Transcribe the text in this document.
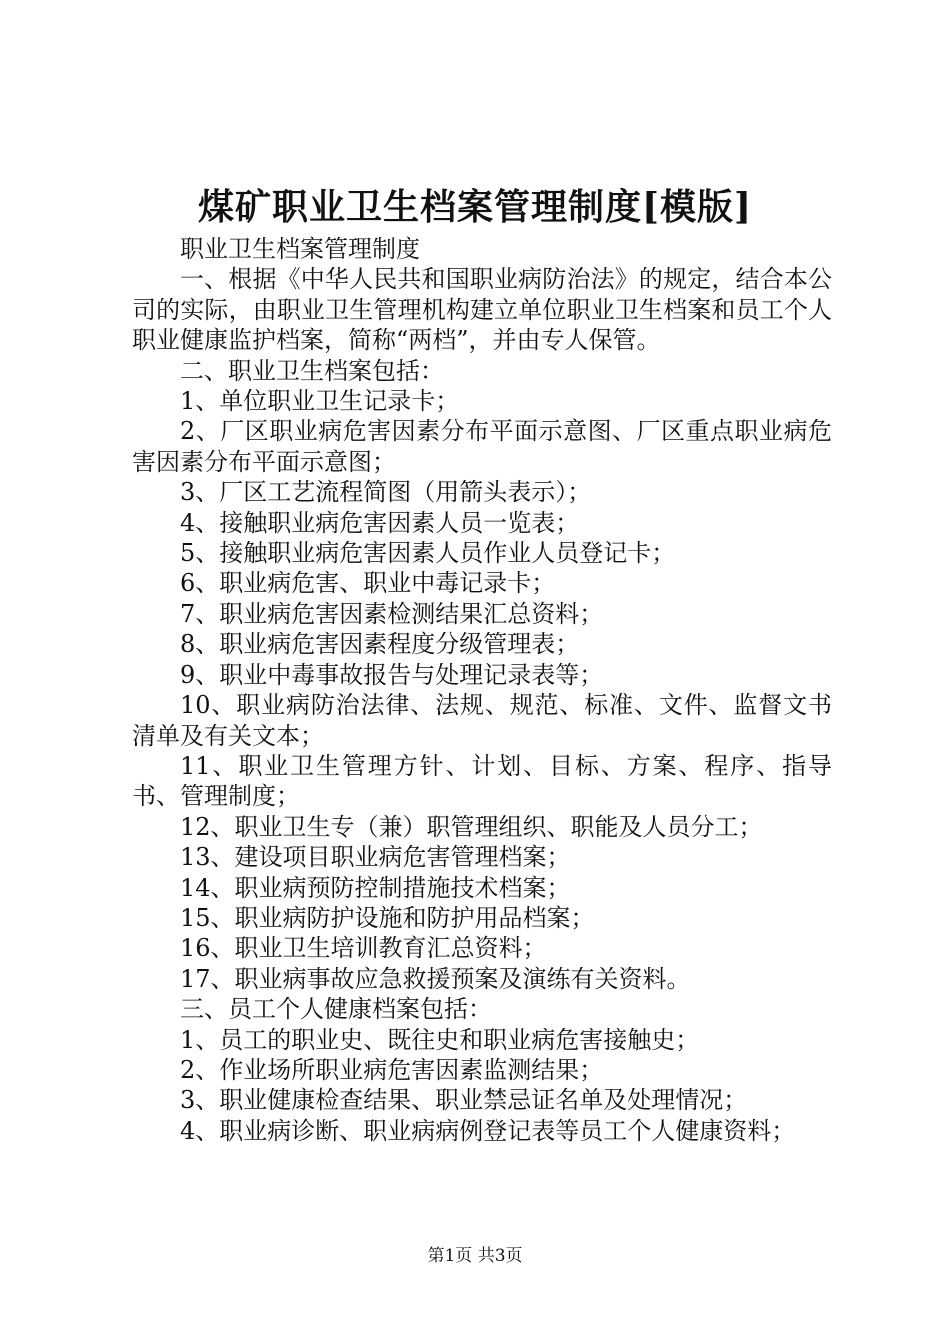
煤矿职业卫生档案管理制度[模版]

职业卫生档案管理制度

一、根据《中华人民共和国职业病防治法》的规定，结合本公司的实际，由职业卫生管理机构建立单位职业卫生档案和员工个人职业健康监护档案，简称“两档”，并由专人保管。

二、职业卫生档案包括：

1、单位职业卫生记录卡；

2、厂区职业病危害因素分布平面示意图、厂区重点职业病危害因素分布平面示意图；

3、厂区工艺流程简图（用箭头表示）；

4、接触职业病危害因素人员一览表；

5、接触职业病危害因素人员作业人员登记卡；

6、职业病危害、职业中毒记录卡；

7、职业病危害因素检测结果汇总资料；

8、职业病危害因素程度分级管理表；

9、职业中毒事故报告与处理记录表等；

10、职业病防治法律、法规、规范、标准、文件、监督文书清单及有关文本；

11、职业卫生管理方针、计划、目标、方案、程序、指导书、管理制度；

12、职业卫生专（兼）职管理组织、职能及人员分工；

13、建设项目职业病危害管理档案；

14、职业病预防控制措施技术档案；

15、职业病防护设施和防护用品档案；

16、职业卫生培训教育汇总资料；

17、职业病事故应急救援预案及演练有关资料。

三、员工个人健康档案包括：

1、员工的职业史、既往史和职业病危害接触史；

2、作业场所职业病危害因素监测结果；

3、职业健康检查结果、职业禁忌证名单及处理情况；

4、职业病诊断、职业病病例登记表等员工个人健康资料；

第1页 共3页
